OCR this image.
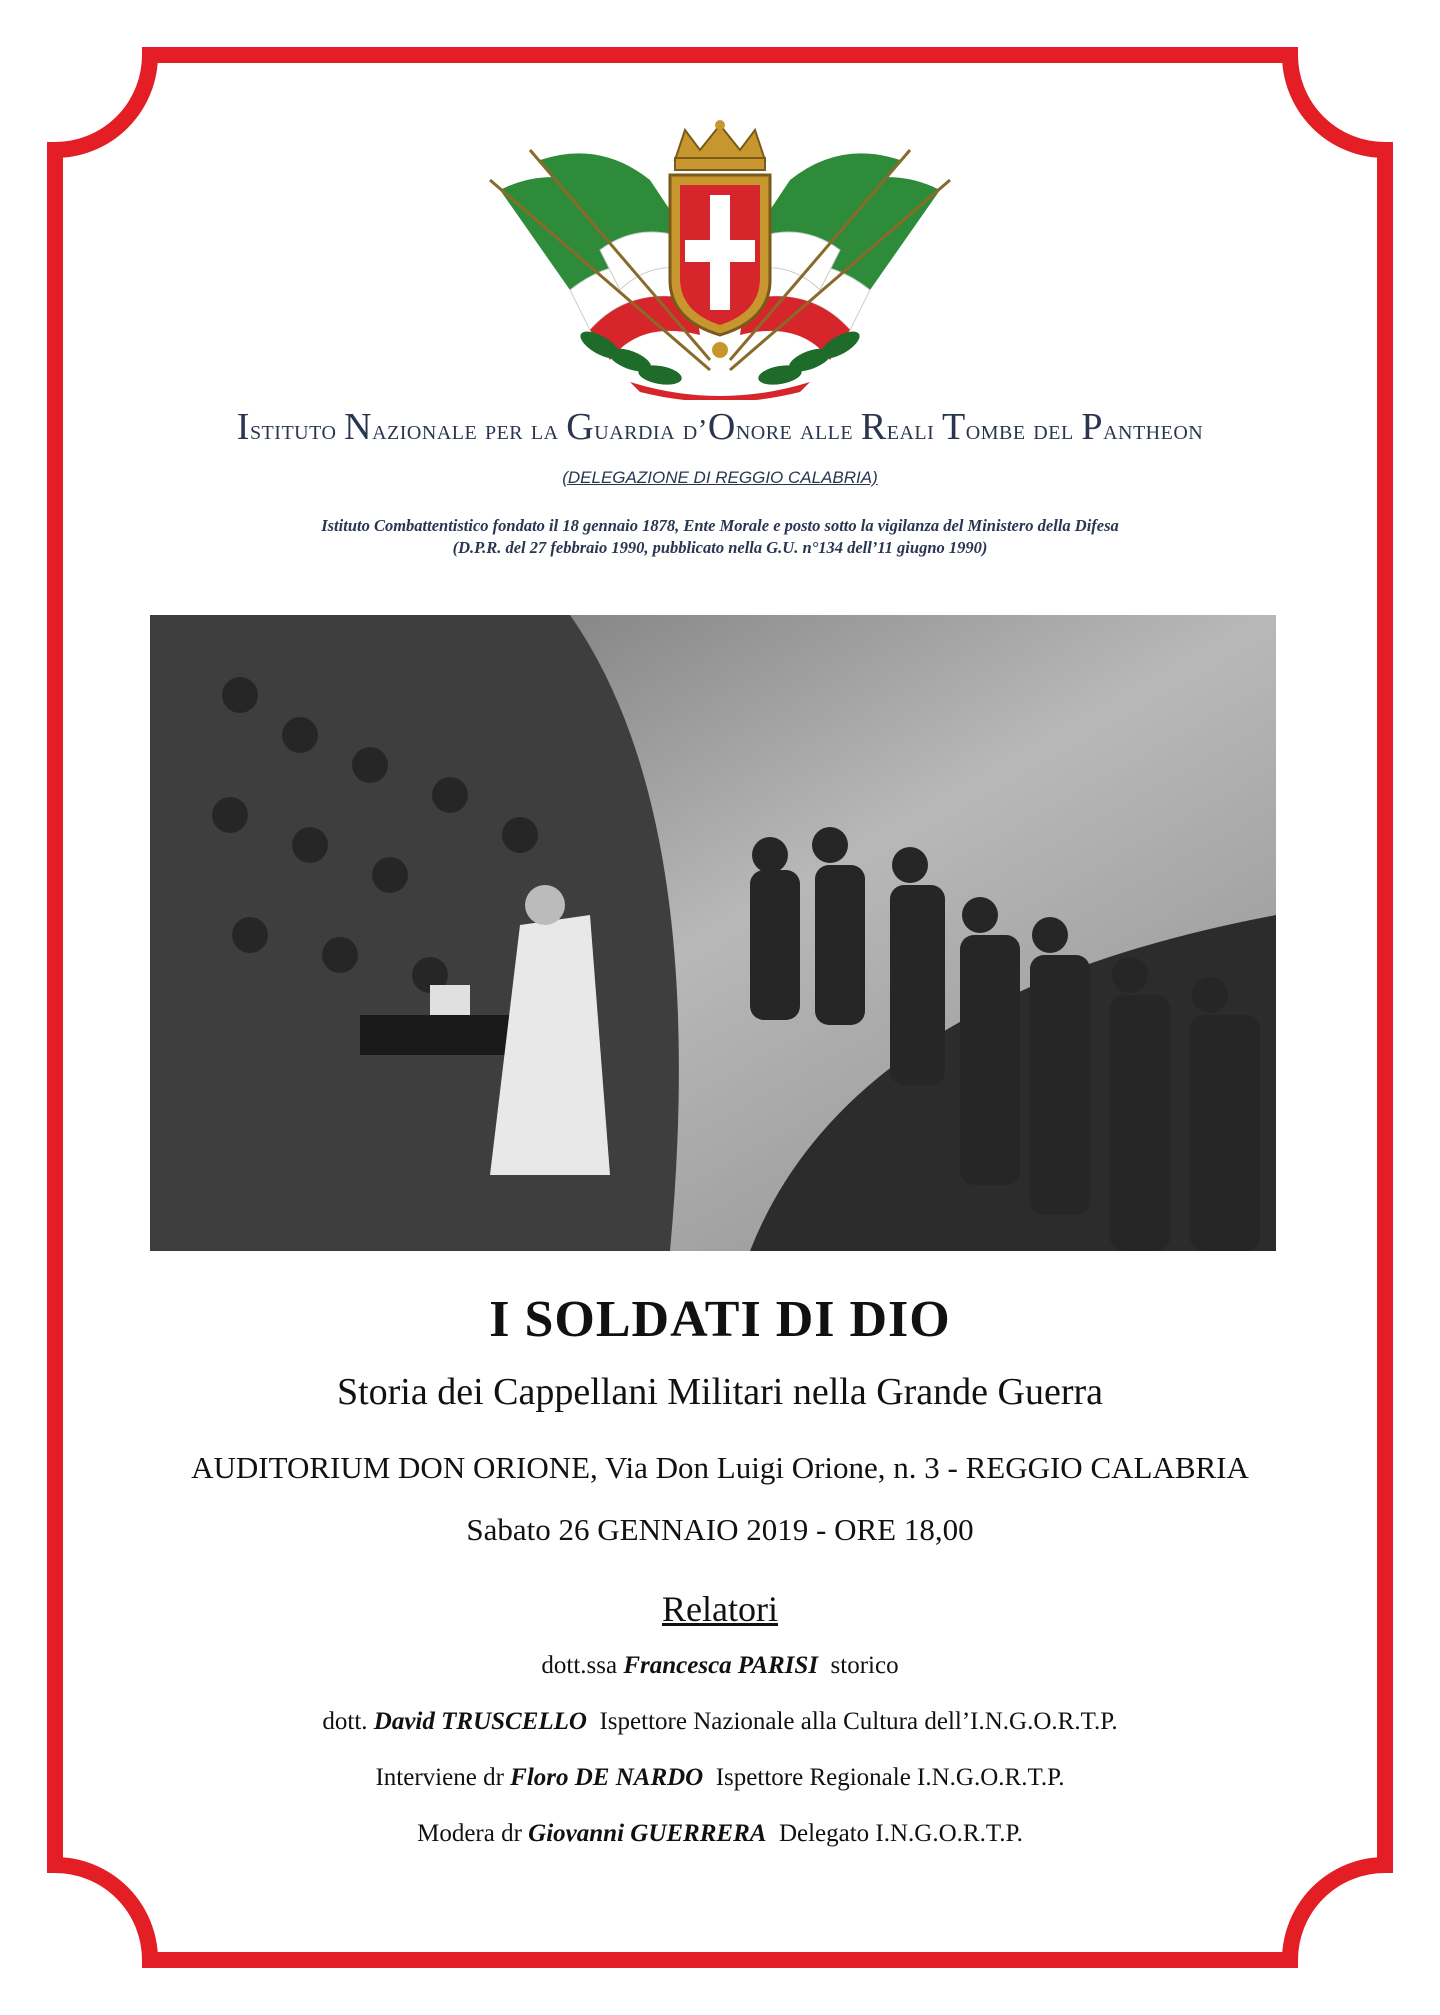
Istituto Nazionale per la Guardia d’Onore alle Reali Tombe del Pantheon
(DELEGAZIONE DI REGGIO CALABRIA)
Istituto Combattentistico fondato il 18 gennaio 1878, Ente Morale e posto sotto la vigilanza del Ministero della Difesa
(D.P.R. del 27 febbraio 1990, pubblicato nella G.U. n°134 dell’11 giugno 1990)
I SOLDATI DI DIO
Storia dei Cappellani Militari nella Grande Guerra
AUDITORIUM DON ORIONE, Via Don Luigi Orione, n. 3 - REGGIO CALABRIA
Sabato 26 GENNAIO 2019 - ORE 18,00
Relatori
dott.ssa Francesca PARISI  storico
dott. David TRUSCELLO  Ispettore Nazionale alla Cultura dell’I.N.G.O.R.T.P.
Interviene dr Floro DE NARDO  Ispettore Regionale I.N.G.O.R.T.P.
Modera dr Giovanni GUERRERA  Delegato I.N.G.O.R.T.P.
